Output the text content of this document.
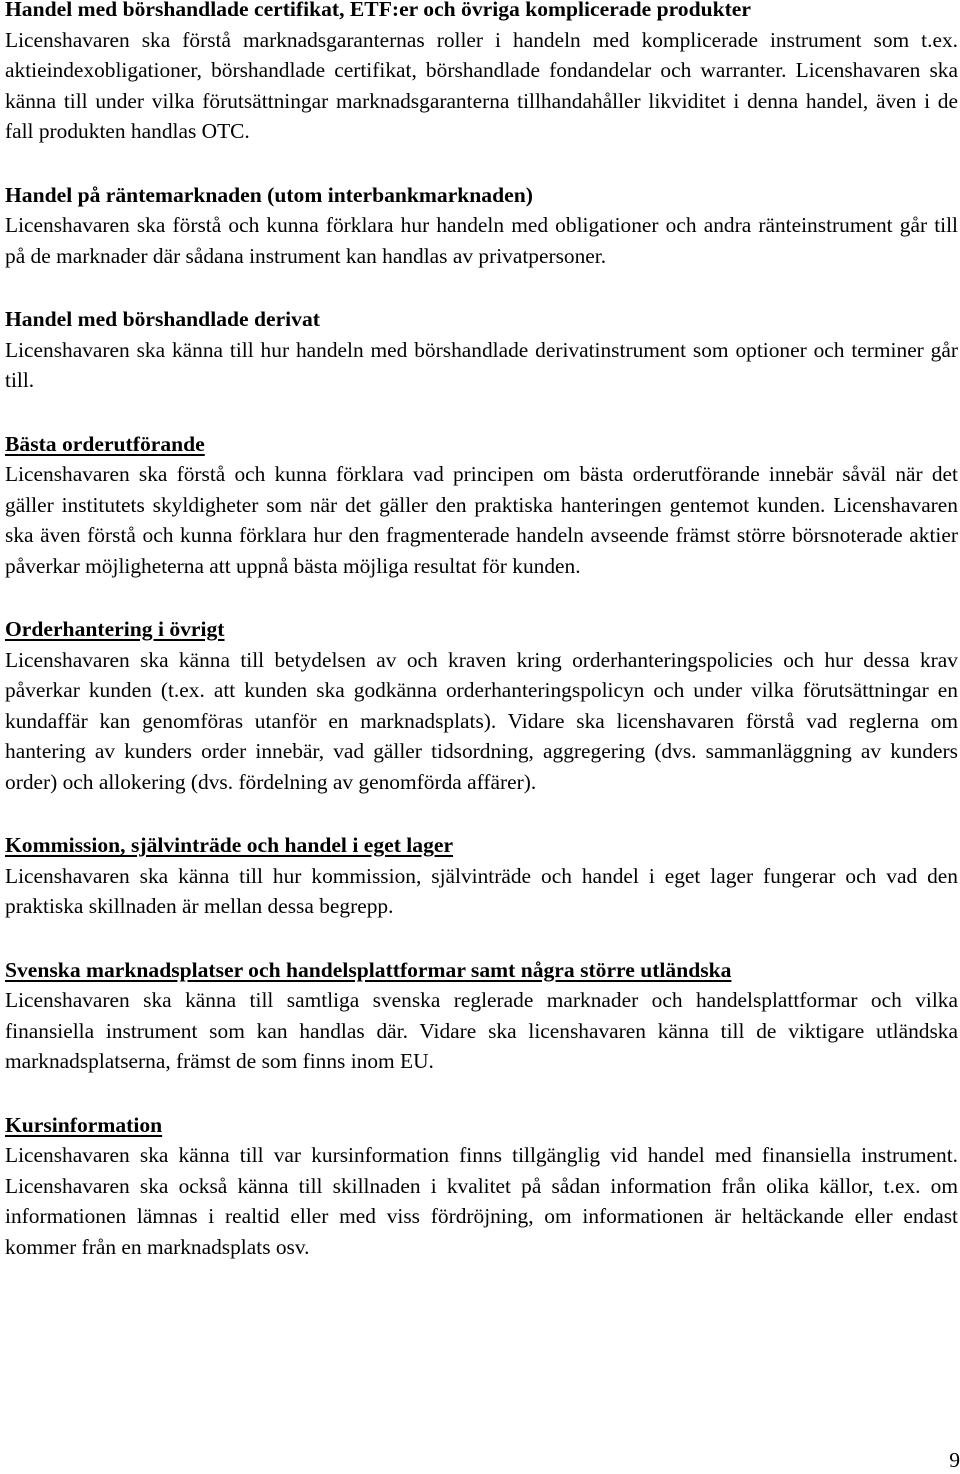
Handel med börshandlade certifikat, ETF:er och övriga komplicerade produkter

Licenshavaren ska förstå marknadsgaranternas roller i handeln med komplicerade instrument som t.ex. aktieindexobligationer, börshandlade certifikat, börshandlade fondandelar och warranter. Licenshavaren ska känna till under vilka förutsättningar marknadsgaranterna tillhandahåller likviditet i denna handel, även i de fall produkten handlas OTC.

Handel på räntemarknaden (utom interbankmarknaden)

Licenshavaren ska förstå och kunna förklara hur handeln med obligationer och andra ränteinstrument går till på de marknader där sådana instrument kan handlas av privatpersoner.

Handel med börshandlade derivat

Licenshavaren ska känna till hur handeln med börshandlade derivatinstrument som optioner och terminer går till.

Bästa orderutförande

Licenshavaren ska förstå och kunna förklara vad principen om bästa orderutförande innebär såväl när det gäller institutets skyldigheter som när det gäller den praktiska hanteringen gentemot kunden. Licenshavaren ska även förstå och kunna förklara hur den fragmenterade handeln avseende främst större börsnoterade aktier påverkar möjligheterna att uppnå bästa möjliga resultat för kunden.

Orderhantering i övrigt

Licenshavaren ska känna till betydelsen av och kraven kring orderhanteringspolicies och hur dessa krav påverkar kunden (t.ex. att kunden ska godkänna orderhanteringspolicyn och under vilka förutsättningar en kundaffär kan genomföras utanför en marknadsplats). Vidare ska licenshavaren förstå vad reglerna om hantering av kunders order innebär, vad gäller tidsordning, aggregering (dvs. sammanläggning av kunders order) och allokering (dvs. fördelning av genomförda affärer).

Kommission, självinträde och handel i eget lager

Licenshavaren ska känna till hur kommission, självinträde och handel i eget lager fungerar och vad den praktiska skillnaden är mellan dessa begrepp.

Svenska marknadsplatser och handelsplattformar samt några större utländska

Licenshavaren ska känna till samtliga svenska reglerade marknader och handelsplattformar och vilka finansiella instrument som kan handlas där. Vidare ska licenshavaren känna till de viktigare utländska marknadsplatserna, främst de som finns inom EU.

Kursinformation

Licenshavaren ska känna till var kursinformation finns tillgänglig vid handel med finansiella instrument. Licenshavaren ska också känna till skillnaden i kvalitet på sådan information från olika källor, t.ex. om informationen lämnas i realtid eller med viss fördröjning, om informationen är heltäckande eller endast kommer från en marknadsplats osv.

9
